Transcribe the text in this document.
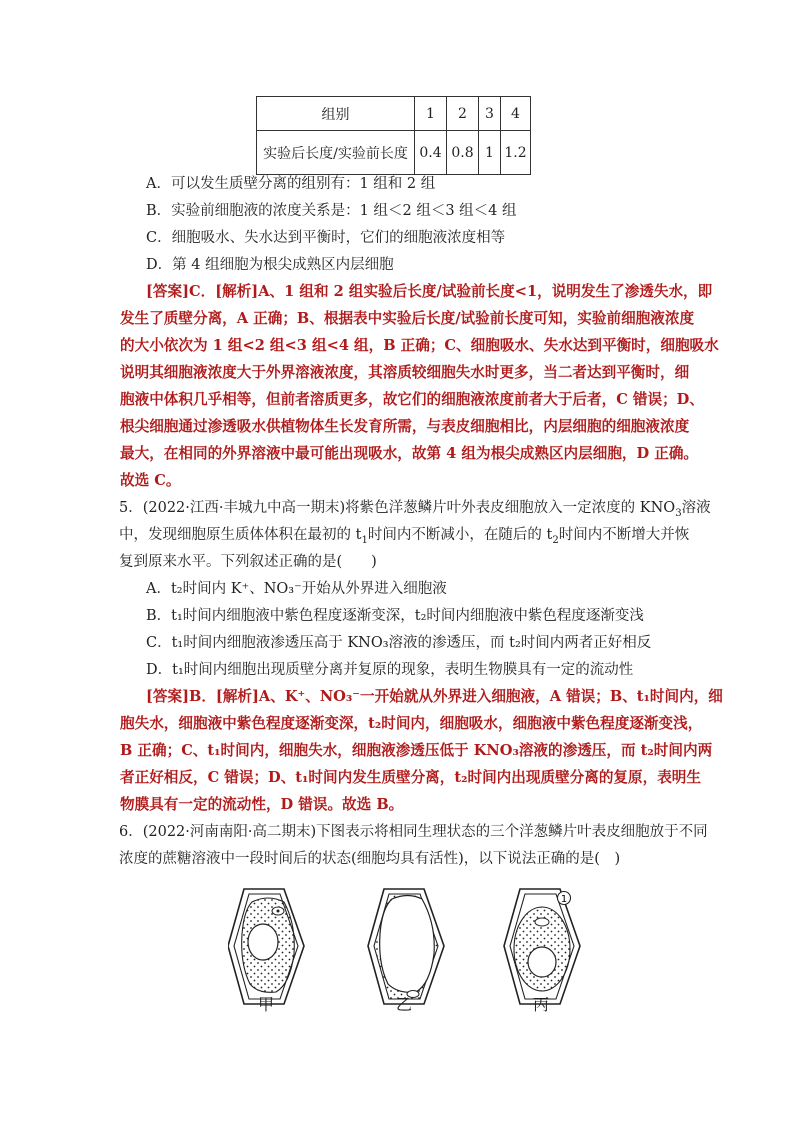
组别	1	2	3	4
实验后长度/实验前长度	0.4	0.8	1	1.2
A．可以发生质壁分离的组别有：1 组和 2 组
B．实验前细胞液的浓度关系是：1 组＜2 组＜3 组＜4 组
C．细胞吸水、失水达到平衡时，它们的细胞液浓度相等
D．第 4 组细胞为根尖成熟区内层细胞
[答案]C．[解析]A、1 组和 2 组实验后长度/试验前长度<1，说明发生了渗透失水，即
发生了质壁分离，A 正确；B、根据表中实验后长度/试验前长度可知，实验前细胞液浓度
的大小依次为 1 组<2 组<3 组<4 组，B 正确；C、细胞吸水、失水达到平衡时，细胞吸水
说明其细胞液浓度大于外界溶液浓度，其溶质较细胞失水时更多，当二者达到平衡时，细
胞液中体积几乎相等，但前者溶质更多，故它们的细胞液浓度前者大于后者，C 错误；D、
根尖细胞通过渗透吸水供植物体生长发育所需，与表皮细胞相比，内层细胞的细胞液浓度
最大，在相同的外界溶液中最可能出现吸水，故第 4 组为根尖成熟区内层细胞，D 正确。
故选 C。
5．(2022·江西·丰城九中高一期末)将紫色洋葱鳞片叶外表皮细胞放入一定浓度的 $KNO_3$溶液
中，发现细胞原生质体体积在最初的 $t_1$时间内不断减小，在随后的 $t_2$时间内不断增大并恢
复到原来水平。下列叙述正确的是(　　)
A．t₂时间内 K⁺、NO₃⁻开始从外界进入细胞液
B．t₁时间内细胞液中紫色程度逐渐变深，t₂时间内细胞液中紫色程度逐渐变浅
C．t₁时间内细胞液渗透压高于 KNO₃溶液的渗透压，而 t₂时间内两者正好相反
D．t₁时间内细胞出现质壁分离并复原的现象，表明生物膜具有一定的流动性
[答案]B．[解析]A、K⁺、NO₃⁻一开始就从外界进入细胞液，A 错误；B、t₁时间内，细
胞失水，细胞液中紫色程度逐渐变深，t₂时间内，细胞吸水，细胞液中紫色程度逐渐变浅，
B 正确；C、t₁时间内，细胞失水，细胞液渗透压低于 KNO₃溶液的渗透压，而 t₂时间内两
者正好相反，C 错误；D、t₁时间内发生质壁分离，t₂时间内出现质壁分离的复原，表明生
物膜具有一定的流动性，D 错误。故选 B。
6．(2022·河南南阳·高二期末)下图表示将相同生理状态的三个洋葱鳞片叶表皮细胞放于不同
浓度的蔗糖溶液中一段时间后的状态(细胞均具有活性)，以下说法正确的是(　)
1
甲	乙	丙
